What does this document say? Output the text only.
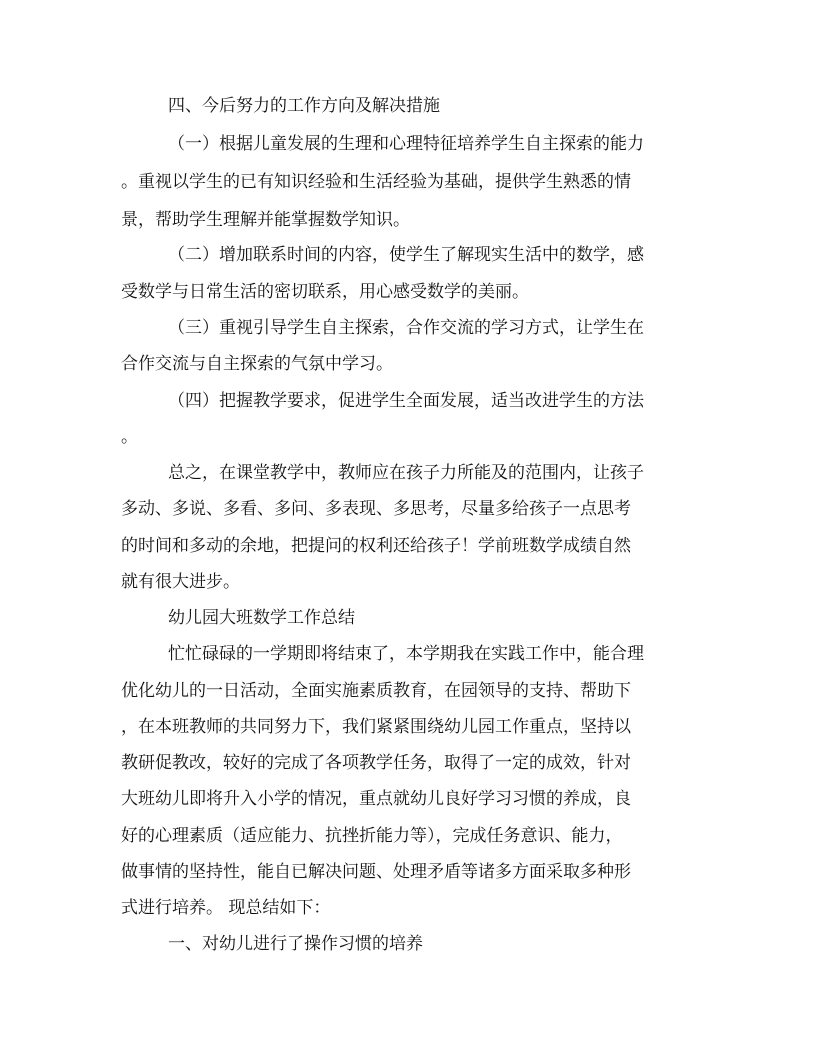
四、今后努力的工作方向及解决措施
（一）根据儿童发展的生理和心理特征培养学生自主探索的能力
。重视以学生的已有知识经验和生活经验为基础，提供学生熟悉的情
景，帮助学生理解并能掌握数学知识。
（二）增加联系时间的内容，使学生了解现实生活中的数学，感
受数学与日常生活的密切联系，用心感受数学的美丽。
（三）重视引导学生自主探索，合作交流的学习方式，让学生在
合作交流与自主探索的气氛中学习。
（四）把握教学要求，促进学生全面发展，适当改进学生的方法
。
总之，在课堂教学中，教师应在孩子力所能及的范围内，让孩子
多动、多说、多看、多问、多表现、多思考，尽量多给孩子一点思考
的时间和多动的余地，把提问的权利还给孩子！学前班数学成绩自然
就有很大进步。
幼儿园大班数学工作总结
忙忙碌碌的一学期即将结束了，本学期我在实践工作中，能合理
优化幼儿的一日活动，全面实施素质教育，在园领导的支持、帮助下
，在本班教师的共同努力下，我们紧紧围绕幼儿园工作重点，坚持以
教研促教改，较好的完成了各项教学任务，取得了一定的成效，针对
大班幼儿即将升入小学的情况，重点就幼儿良好学习习惯的养成，良
好的心理素质（适应能力、抗挫折能力等），完成任务意识、能力，
做事情的坚持性，能自已解决问题、处理矛盾等诸多方面采取多种形
式进行培养。 现总结如下：
一、对幼儿进行了操作习惯的培养
